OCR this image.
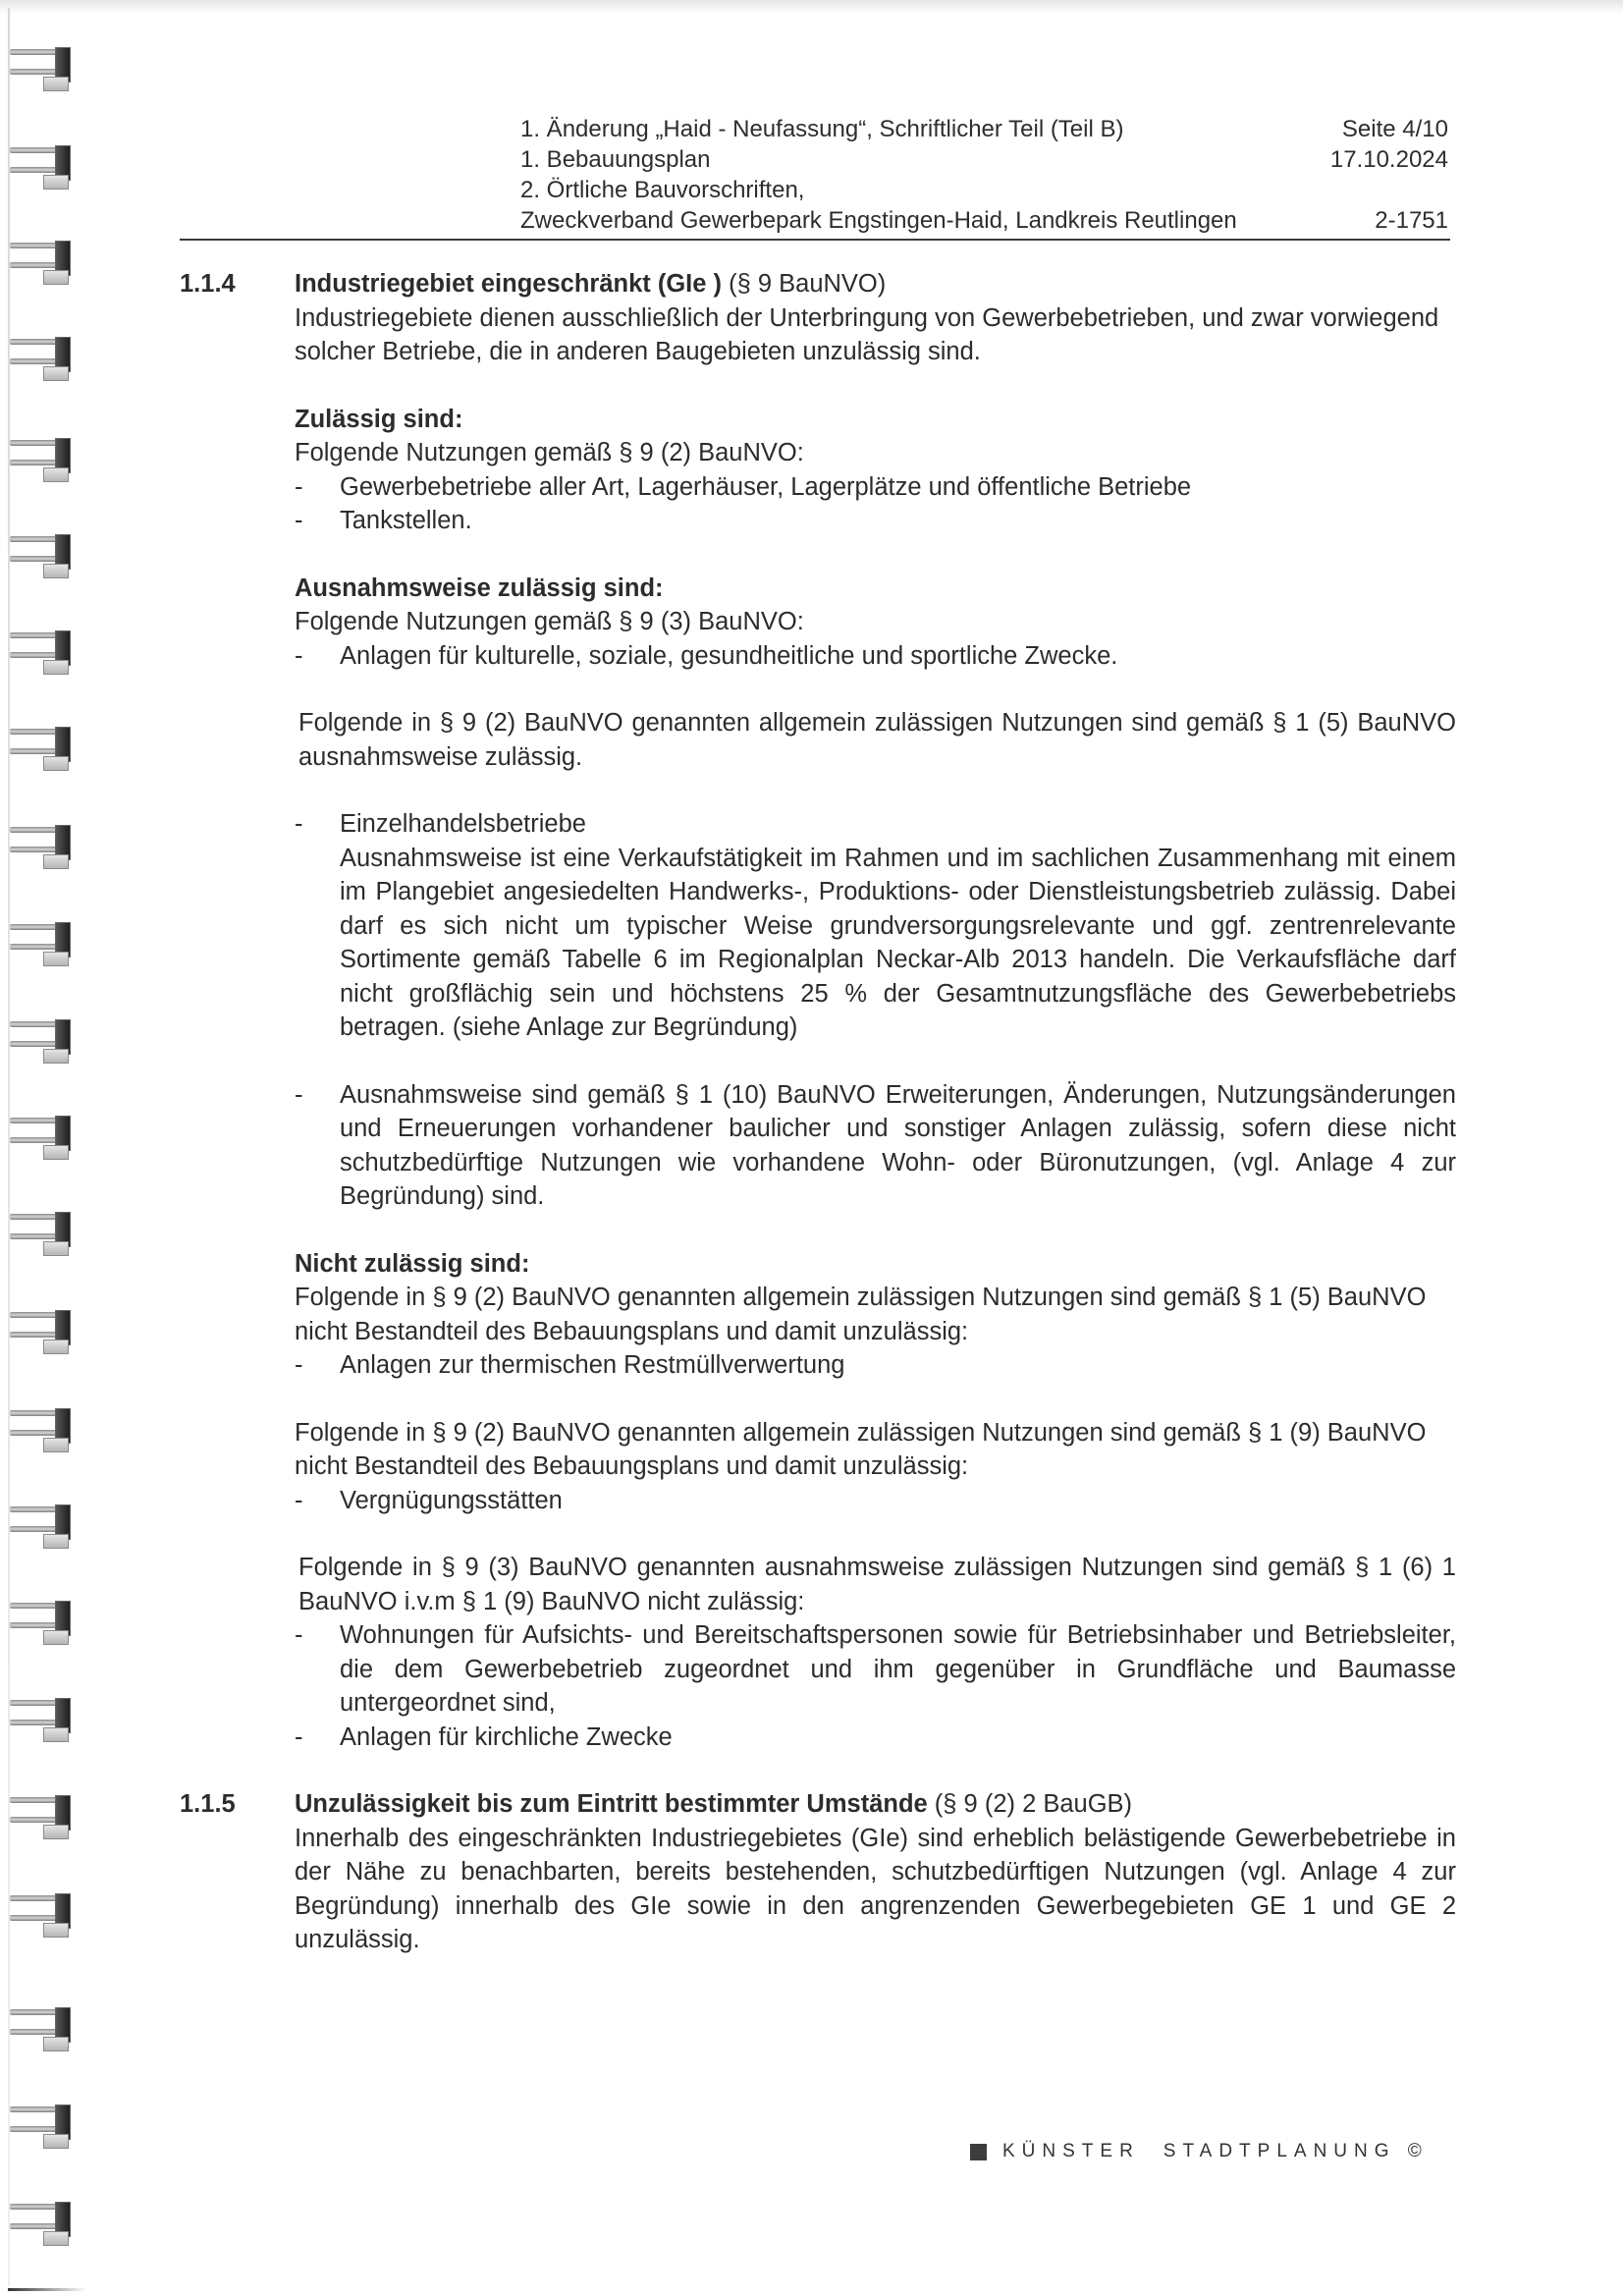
1. Änderung „Haid - Neufassung“, Schriftlicher Teil (Teil B)	Seite 4/10
1. Bebauungsplan	17.10.2024
2. Örtliche Bauvorschriften,
Zweckverband Gewerbepark Engstingen-Haid, Landkreis Reutlingen	2-1751
1.1.4	Industriegebiet eingeschränkt (GIe ) (§ 9 BauNVO)
Industriegebiete dienen ausschließlich der Unterbringung von Gewerbebetrieben, und zwar vorwiegend solcher Betriebe, die in anderen Baugebieten unzulässig sind.
Zulässig sind:
Folgende Nutzungen gemäß § 9 (2) BauNVO:
-	Gewerbebetriebe aller Art, Lagerhäuser, Lagerplätze und öffentliche Betriebe
-	Tankstellen.
Ausnahmsweise zulässig sind:
Folgende Nutzungen gemäß § 9 (3) BauNVO:
-	Anlagen für kulturelle, soziale, gesundheitliche und sportliche Zwecke.
Folgende in § 9 (2) BauNVO genannten allgemein zulässigen Nutzungen sind gemäß § 1 (5) BauNVO ausnahmsweise zulässig.
-	Einzelhandelsbetriebe
Ausnahmsweise ist eine Verkaufstätigkeit im Rahmen und im sachlichen Zusammenhang mit einem im Plangebiet angesiedelten Handwerks-, Produktions- oder Dienstleistungsbetrieb zulässig. Dabei darf es sich nicht um typischer Weise grundversorgungsrelevante und ggf. zentrenrelevante Sortimente gemäß Tabelle 6 im Regionalplan Neckar-Alb 2013 handeln. Die Verkaufsfläche darf nicht großflächig sein und höchstens 25 % der Gesamtnutzungsfläche des Gewerbebetriebs betragen. (siehe Anlage zur Begründung)
-	Ausnahmsweise sind gemäß § 1 (10) BauNVO Erweiterungen, Änderungen, Nutzungsänderungen und Erneuerungen vorhandener baulicher und sonstiger Anlagen zulässig, sofern diese nicht schutzbedürftige Nutzungen wie vorhandene Wohn- oder Büronutzungen, (vgl. Anlage 4 zur Begründung) sind.
Nicht zulässig sind:
Folgende in § 9 (2) BauNVO genannten allgemein zulässigen Nutzungen sind gemäß § 1 (5) BauNVO nicht Bestandteil des Bebauungsplans und damit unzulässig:
-	Anlagen zur thermischen Restmüllverwertung
Folgende in § 9 (2) BauNVO genannten allgemein zulässigen Nutzungen sind gemäß § 1 (9) BauNVO nicht Bestandteil des Bebauungsplans und damit unzulässig:
-	Vergnügungsstätten
Folgende in § 9 (3) BauNVO genannten ausnahmsweise zulässigen Nutzungen sind gemäß § 1 (6) 1 BauNVO i.v.m § 1 (9) BauNVO nicht zulässig:
-	Wohnungen für Aufsichts- und Bereitschaftspersonen sowie für Betriebsinhaber und Betriebsleiter, die dem Gewerbebetrieb zugeordnet und ihm gegenüber in Grundfläche und Baumasse untergeordnet sind,
-	Anlagen für kirchliche Zwecke
1.1.5	Unzulässigkeit bis zum Eintritt bestimmter Umstände (§ 9 (2) 2 BauGB)
Innerhalb des eingeschränkten Industriegebietes (GIe) sind erheblich belästigende Gewerbebetriebe in der Nähe zu benachbarten, bereits bestehenden, schutzbedürftigen Nutzungen (vgl. Anlage 4 zur Begründung) innerhalb des GIe sowie in den angrenzenden Gewerbegebieten GE 1 und GE 2 unzulässig.
KÜNSTER STADTPLANUNG ©
